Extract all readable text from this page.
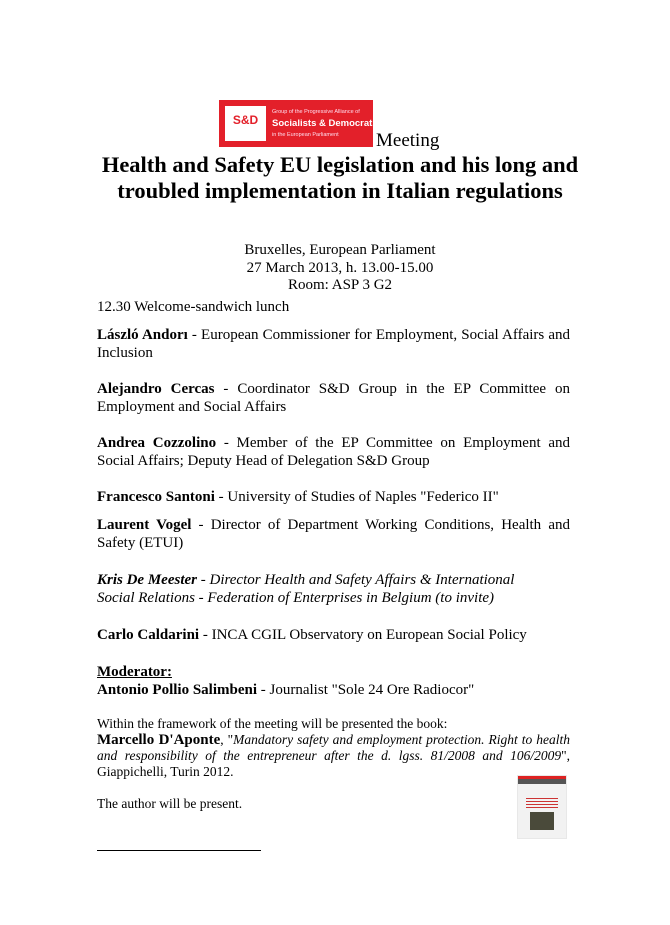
S&D
Group of the Progressive Alliance of
Socialists & Democrats
in the European Parliament Meeting
Health and Safety EU legislation and his long and troubled implementation in Italian regulations
Bruxelles, European Parliament
27 March 2013, h. 13.00-15.00
Room: ASP 3 G2
12.30 Welcome-sandwich lunch
László Andorı - European Commissioner for Employment, Social Affairs and Inclusion
Alejandro Cercas - Coordinator S&D Group in the EP Committee on Employment and Social Affairs
Andrea Cozzolino - Member of the EP Committee on Employment and Social Affairs; Deputy Head of Delegation S&D Group
Francesco Santoni - University of Studies of Naples "Federico II"
Laurent Vogel - Director of Department Working Conditions, Health and Safety (ETUI)
Kris De Meester - Director Health and Safety Affairs & International Social Relations - Federation of Enterprises in Belgium (to invite)
Carlo Caldarini - INCA CGIL Observatory on European Social Policy
Moderator:
Antonio Pollio Salimbeni - Journalist "Sole 24 Ore Radiocor"
Within the framework of the meeting will be presented the book:
Marcello D'Aponte, "Mandatory safety and employment protection. Right to health and responsibility of the entrepreneur after the d. lgss. 81/2008 and 106/2009", Giappichelli, Turin 2012.
The author will be present.
